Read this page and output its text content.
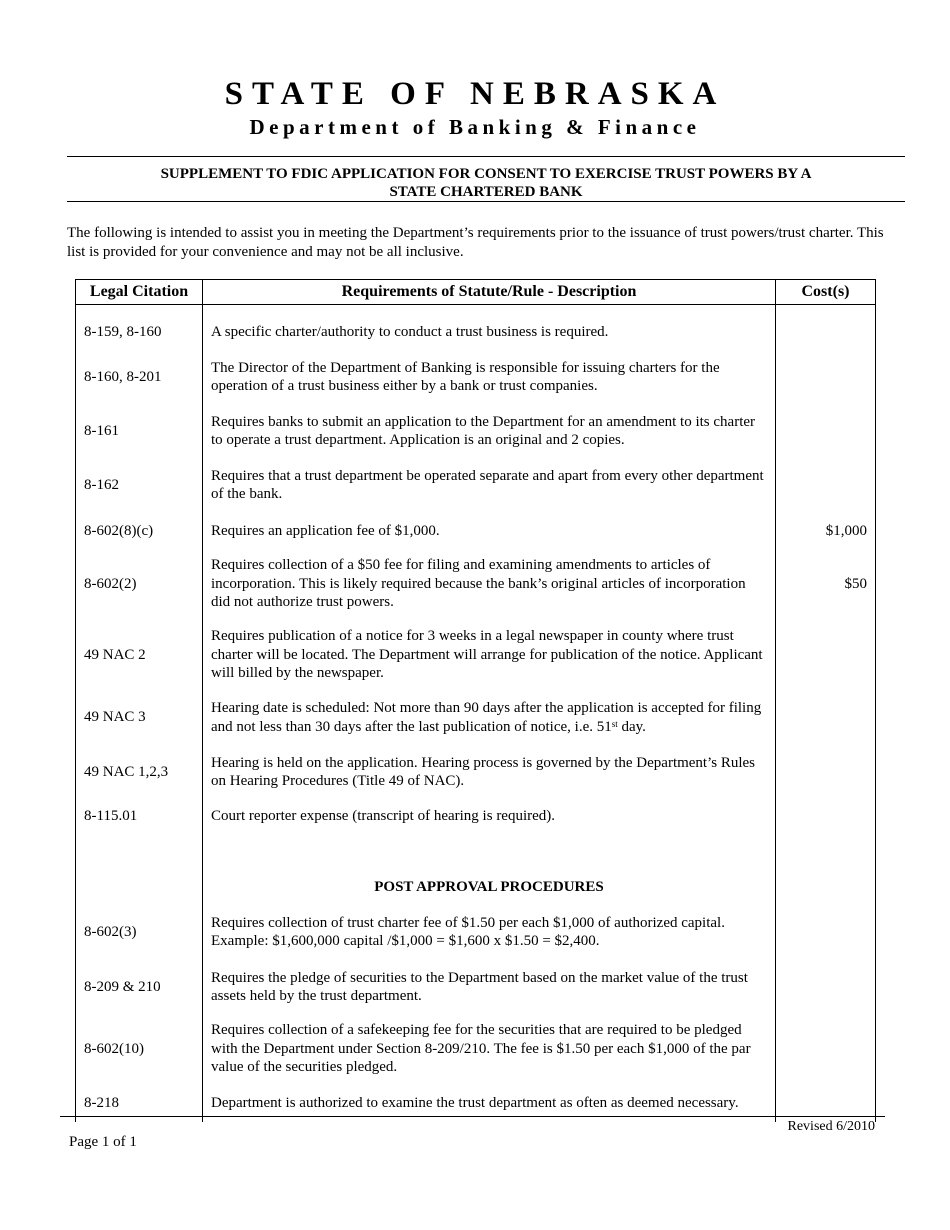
STATE OF NEBRASKA
Department of Banking & Finance
SUPPLEMENT TO FDIC APPLICATION FOR CONSENT TO EXERCISE TRUST POWERS BY A
STATE CHARTERED BANK
The following is intended to assist you in meeting the Department’s requirements prior to the issuance of trust powers/trust charter. This list is provided for your convenience and may not be all inclusive.
Legal Citation	Requirements of Statute/Rule - Description	Cost(s)

8-159, 8-160	A specific charter/authority to conduct a trust business is required.	
8-160, 8-201	The Director of the Department of Banking is responsible for issuing charters for the operation of a trust business either by a bank or trust companies.	
8-161	Requires banks to submit an application to the Department for an amendment to its charter to operate a trust department. Application is an original and 2 copies.	
8-162	Requires that a trust department be operated separate and apart from every other department of the bank.	
8-602(8)(c)	Requires an application fee of $1,000.	$1,000
8-602(2)	Requires collection of a $50 fee for filing and examining amendments to articles of incorporation. This is likely required because the bank’s original articles of incorporation did not authorize trust powers.	$50
49 NAC 2	Requires publication of a notice for 3 weeks in a legal newspaper in county where trust charter will be located. The Department will arrange for publication of the notice. Applicant will billed by the newspaper.	
49 NAC 3	Hearing date is scheduled: Not more than 90 days after the application is accepted for filing and not less than 30 days after the last publication of notice, i.e. 51st day.	
49 NAC 1,2,3	Hearing is held on the application. Hearing process is governed by the Department’s Rules on Hearing Procedures (Title 49 of NAC).	
8-115.01	Court reporter expense (transcript of hearing is required).	

	POST APPROVAL PROCEDURES	
8-602(3)	Requires collection of trust charter fee of $1.50 per each $1,000 of authorized capital. Example: $1,600,000 capital /$1,000 = $1,600 x $1.50 = $2,400.	
8-209 & 210	Requires the pledge of securities to the Department based on the market value of the trust assets held by the trust department.	
8-602(10)	Requires collection of a safekeeping fee for the securities that are required to be pledged with the Department under Section 8-209/210. The fee is $1.50 per each $1,000 of the par value of the securities pledged.	
8-218	Department is authorized to examine the trust department as often as deemed necessary.	
Revised 6/2010
Page 1 of 1
